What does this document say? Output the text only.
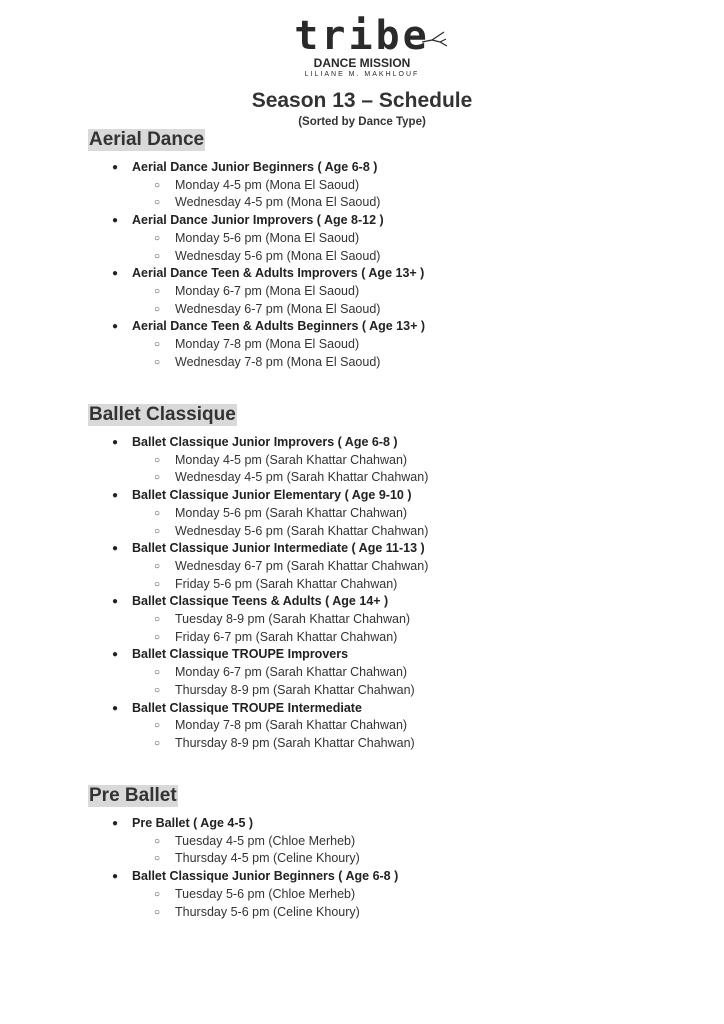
tribe
DANCE MISSION
LILIANE M. MAKHLOUF
Season 13 – Schedule
(Sorted by Dance Type)
Aerial Dance
● Aerial Dance Junior Beginners ( Age 6-8 )
○ Monday 4-5 pm (Mona El Saoud)
○ Wednesday 4-5 pm (Mona El Saoud)
● Aerial Dance Junior Improvers ( Age 8-12 )
○ Monday 5-6 pm (Mona El Saoud)
○ Wednesday 5-6 pm (Mona El Saoud)
● Aerial Dance Teen & Adults Improvers ( Age 13+ )
○ Monday 6-7 pm (Mona El Saoud)
○ Wednesday 6-7 pm (Mona El Saoud)
● Aerial Dance Teen & Adults Beginners ( Age 13+ )
○ Monday 7-8 pm (Mona El Saoud)
○ Wednesday 7-8 pm (Mona El Saoud)
Ballet Classique
● Ballet Classique Junior Improvers ( Age 6-8 )
○ Monday 4-5 pm (Sarah Khattar Chahwan)
○ Wednesday 4-5 pm (Sarah Khattar Chahwan)
● Ballet Classique Junior Elementary ( Age 9-10 )
○ Monday 5-6 pm (Sarah Khattar Chahwan)
○ Wednesday 5-6 pm (Sarah Khattar Chahwan)
● Ballet Classique Junior Intermediate ( Age 11-13 )
○ Wednesday 6-7 pm (Sarah Khattar Chahwan)
○ Friday 5-6 pm (Sarah Khattar Chahwan)
● Ballet Classique Teens & Adults ( Age 14+ )
○ Tuesday 8-9 pm (Sarah Khattar Chahwan)
○ Friday 6-7 pm (Sarah Khattar Chahwan)
● Ballet Classique TROUPE Improvers
○ Monday 6-7 pm (Sarah Khattar Chahwan)
○ Thursday 8-9 pm (Sarah Khattar Chahwan)
● Ballet Classique TROUPE Intermediate
○ Monday 7-8 pm (Sarah Khattar Chahwan)
○ Thursday 8-9 pm (Sarah Khattar Chahwan)
Pre Ballet
● Pre Ballet ( Age 4-5 )
○ Tuesday 4-5 pm (Chloe Merheb)
○ Thursday 4-5 pm (Celine Khoury)
● Ballet Classique Junior Beginners ( Age 6-8 )
○ Tuesday 5-6 pm (Chloe Merheb)
○ Thursday 5-6 pm (Celine Khoury)
